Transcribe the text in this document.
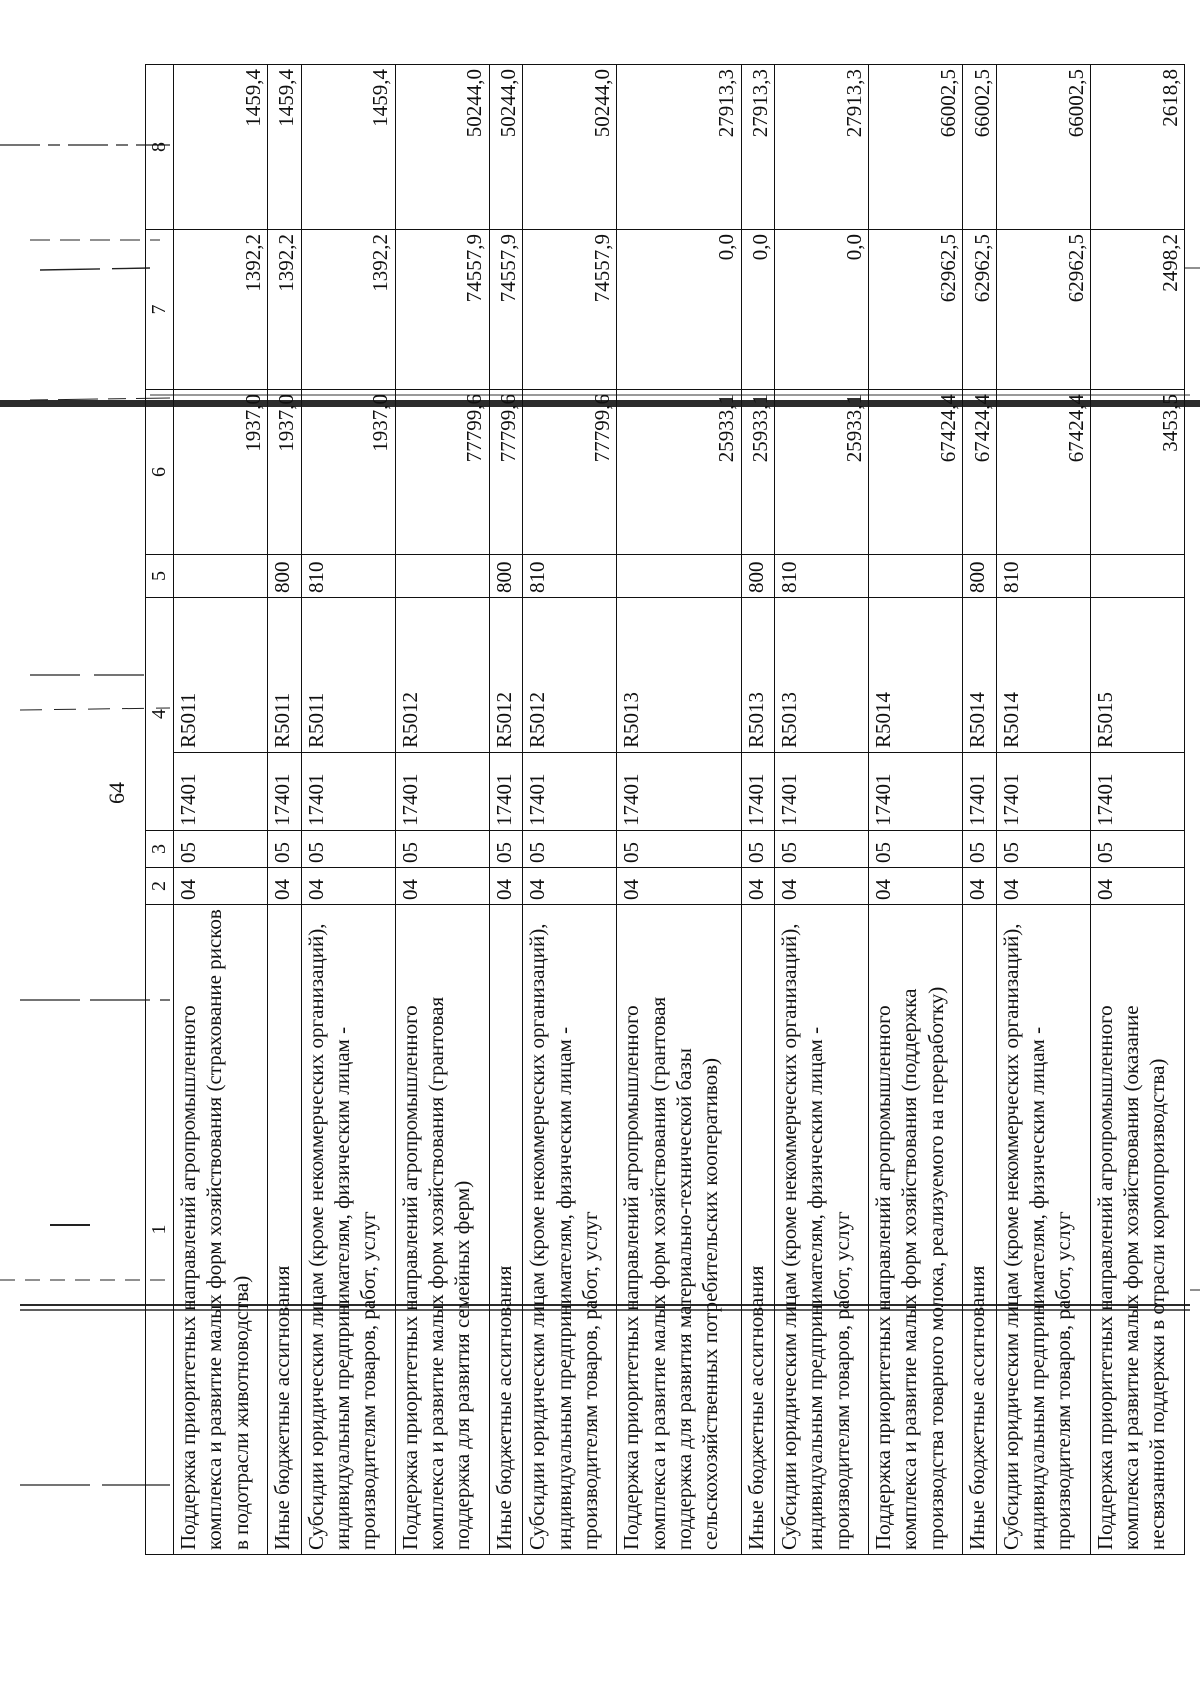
64
1	2	3	4		5	6	7	8
Поддержка приоритетных направлений агропромышленного комплекса и развитие малых форм хозяйствования (страхование рисков в подотрасли животноводства)	04	05	17401	R5011		1937,0	1392,2	1459,4
Иные бюджетные ассигнования	04	05	17401	R5011	800	1937,0	1392,2	1459,4
Субсидии юридическим лицам (кроме некоммерческих организаций), индивидуальным предпринимателям, физическим лицам - производителям товаров, работ, услуг	04	05	17401	R5011	810	1937,0	1392,2	1459,4
Поддержка приоритетных направлений агропромышленного комплекса и развитие малых форм хозяйствования (грантовая поддержка для развития семейных ферм)	04	05	17401	R5012		77799,6	74557,9	50244,0
Иные бюджетные ассигнования	04	05	17401	R5012	800	77799,6	74557,9	50244,0
Субсидии юридическим лицам (кроме некоммерческих организаций), индивидуальным предпринимателям, физическим лицам - производителям товаров, работ, услуг	04	05	17401	R5012	810	77799,6	74557,9	50244,0
Поддержка приоритетных направлений агропромышленного комплекса и развитие малых форм хозяйствования (грантовая поддержка для развития материально-технической базы сельскохозяйственных потребительских кооперативов)	04	05	17401	R5013		25933,1	0,0	27913,3
Иные бюджетные ассигнования	04	05	17401	R5013	800	25933,1	0,0	27913,3
Субсидии юридическим лицам (кроме некоммерческих организаций), индивидуальным предпринимателям, физическим лицам - производителям товаров, работ, услуг	04	05	17401	R5013	810	25933,1	0,0	27913,3
Поддержка приоритетных направлений агропромышленного комплекса и развитие малых форм хозяйствования (поддержка производства товарного молока, реализуемого на переработку)	04	05	17401	R5014		67424,4	62962,5	66002,5
Иные бюджетные ассигнования	04	05	17401	R5014	800	67424,4	62962,5	66002,5
Субсидии юридическим лицам (кроме некоммерческих организаций), индивидуальным предпринимателям, физическим лицам - производителям товаров, работ, услуг	04	05	17401	R5014	810	67424,4	62962,5	66002,5
Поддержка приоритетных направлений агропромышленного комплекса и развитие малых форм хозяйствования (оказание несвязанной поддержки в отрасли кормопроизводства)	04	05	17401	R5015		3453,5	2498,2	2618,8
